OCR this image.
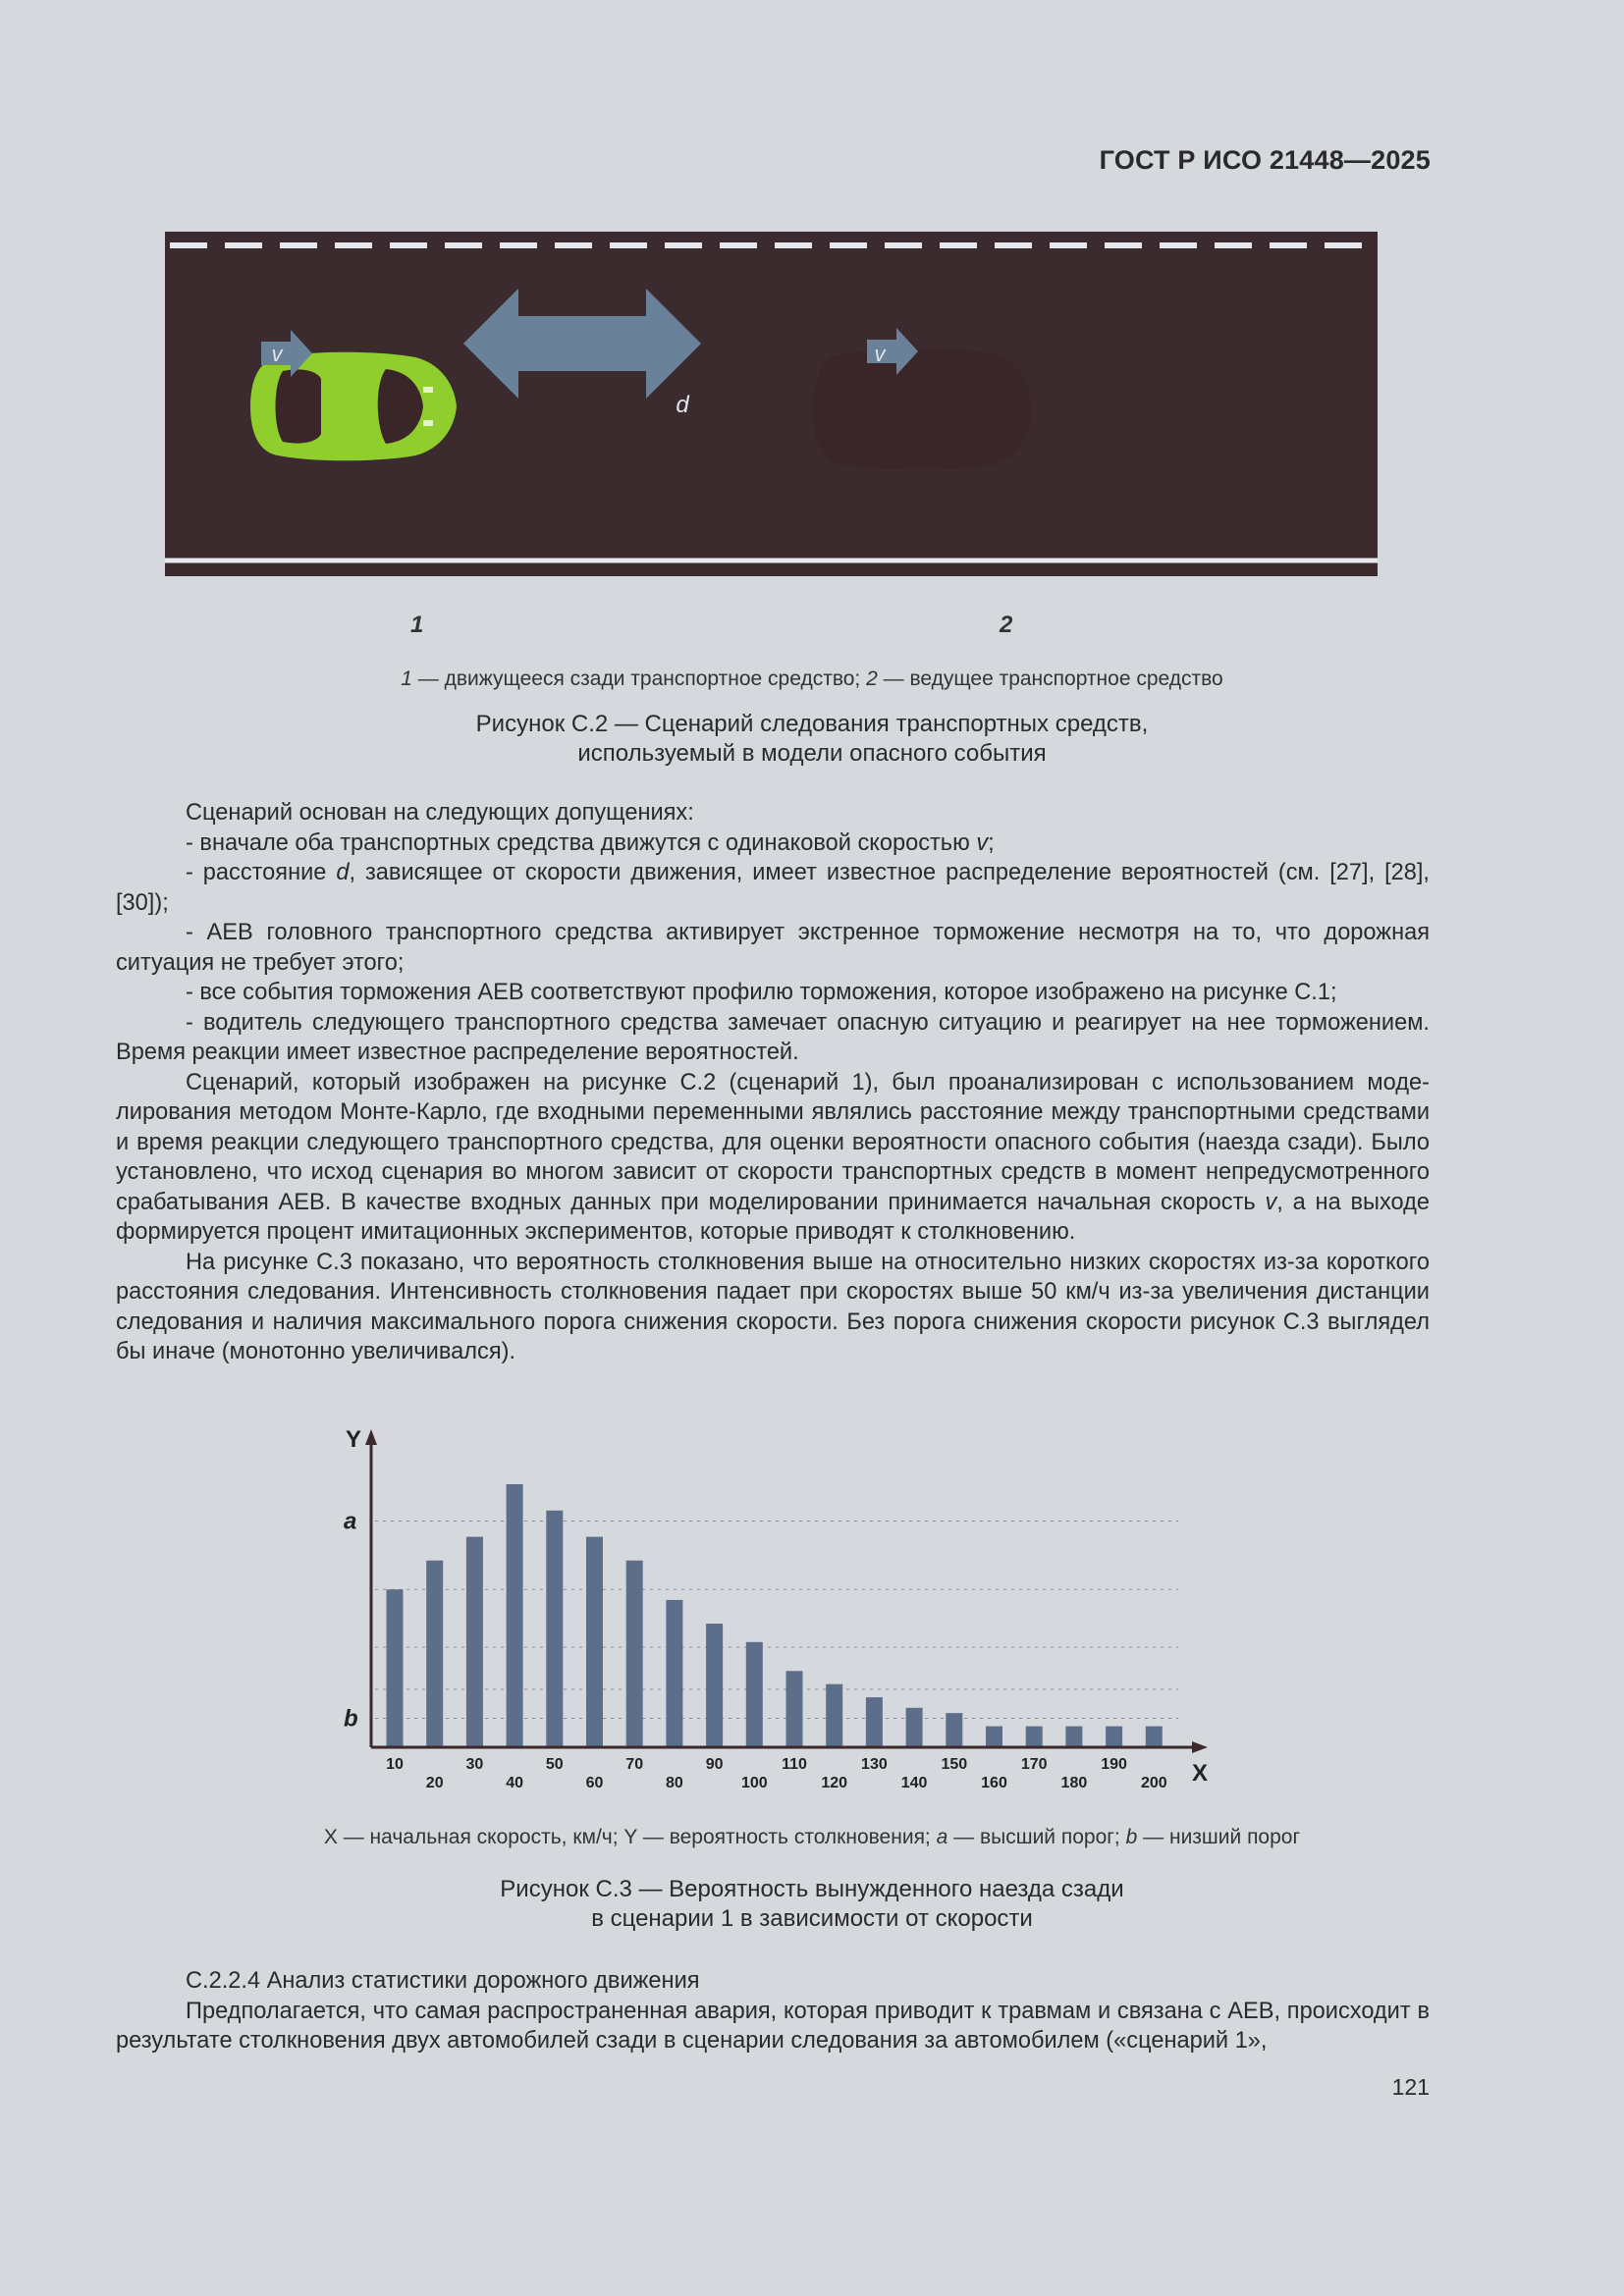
ГОСТ Р ИСО 21448—2025
v
d
v
1	2
1 — движущееся сзади транспортное средство; 2 — ведущее транспортное средство
Рисунок С.2 — Сценарий следования транспортных средств,
используемый в модели опасного события

Сценарий основан на следующих допущениях:

- вначале оба транспортных средства движутся с одинаковой скоростью v;

- расстояние d, зависящее от скорости движения, имеет известное распределение вероятностей (см. [27], [28], [30]);

- АЕВ головного транспортного средства активирует экстренное торможение несмотря на то, что дорожная ситуация не требует этого;

- все события торможения АЕВ соответствуют профилю торможения, которое изображено на рисунке С.1;

- водитель следующего транспортного средства замечает опасную ситуацию и реагирует на нее торможением. Время реакции имеет известное распределение вероятностей.

Сценарий, который изображен на рисунке С.2 (сценарий 1), был проанализирован с использованием моделирования методом Монте-Карло, где входными переменными являлись расстояние между транспортными средствами и время реакции следующего транспортного средства, для оценки вероятности опасного события (наезда сзади). Было установлено, что исход сценария во многом зависит от скорости транспортных средств в момент непредусмотренного срабатывания АЕВ. В качестве входных данных при моделировании принимается начальная скорость v, а на выходе формируется процент имитационных экспериментов, которые приводят к столкновению.

На рисунке С.3 показано, что вероятность столкновения выше на относительно низких скоростях из-за короткого расстояния следования. Интенсивность столкновения падает при скоростях выше 50 км/ч из-за увеличения дистанции следования и наличия максимального порога снижения скорости. Без порога снижения скорости рисунок С.3 выглядел бы иначе (монотонно увеличивался).

10
20
30
40
50
60
70
80
90
100
110
120
130
140
150
160
170
180
190
200
Y
X
a
b
X — начальная скорость, км/ч; Y — вероятность столкновения; a — высший порог; b — низший порог
Рисунок С.3 — Вероятность вынужденного наезда сзади
в сценарии 1 в зависимости от скорости

С.2.2.4 Анализ статистики дорожного движения

Предполагается, что самая распространенная авария, которая приводит к травмам и связана с АЕВ, происходит в результате столкновения двух автомобилей сзади в сценарии следования за автомобилем («сценарий 1»,

121
